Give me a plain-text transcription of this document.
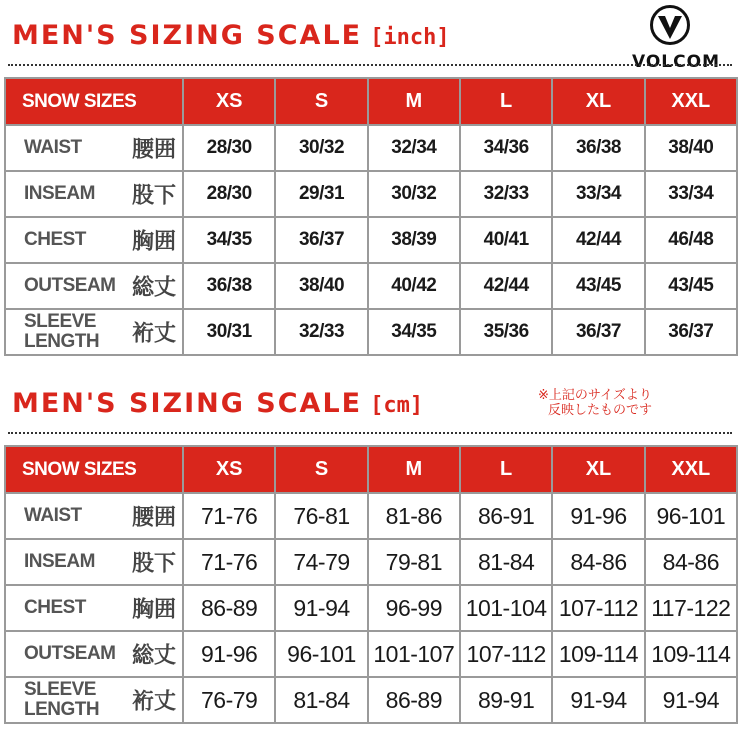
MEN'S SIZING SCALE [inch]
VOLCOM
SNOW SIZES	XS	S	M	L	XL	XXL

WAIST 腰囲	28/30	30/32	32/34	34/36	36/38	38/40

INSEAM 股下	28/30	29/31	30/32	32/33	33/34	33/34

CHEST 胸囲	34/35	36/37	38/39	40/41	42/44	46/48

OUTSEAM 総丈	36/38	38/40	40/42	42/44	43/45	43/45

SLEEVE LENGTH 裄丈	30/31	32/33	34/35	35/36	36/37	36/37
MEN'S SIZING SCALE [cm]	※上記のサイズより
反映したものです
SNOW SIZES	XS	S	M	L	XL	XXL

WAIST 腰囲	71-76	76-81	81-86	86-91	91-96	96-101

INSEAM 股下	71-76	74-79	79-81	81-84	84-86	84-86

CHEST 胸囲	86-89	91-94	96-99	101-104	107-112	117-122

OUTSEAM 総丈	91-96	96-101	101-107	107-112	109-114	109-114

SLEEVE LENGTH 裄丈	76-79	81-84	86-89	89-91	91-94	91-94
